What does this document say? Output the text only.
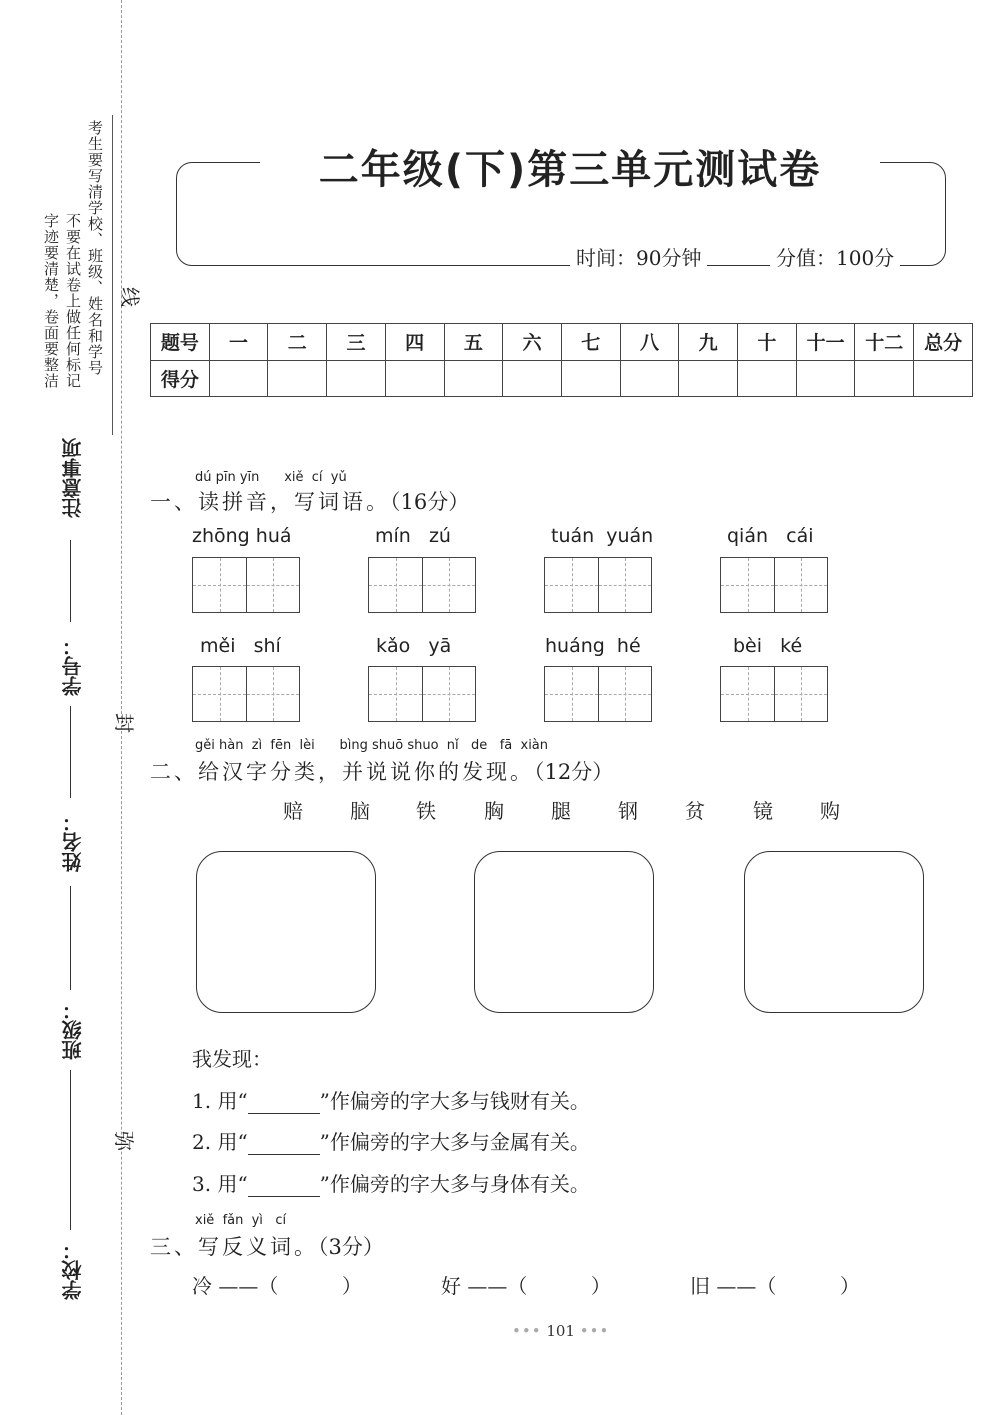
考生要写清学校、班级、姓名和学号
不要在试卷上做任何标记
字迹要清楚，卷面要整洁
注意事项
学号：
姓名：
班级：
学校：
线
封
弥
二年级(下)第三单元测试卷
时间：90分钟	分值：100分
题号	一	二	三	四	五	六	七	八	九	十	十一	十二	总分
得分													
dú pīn yīn      xiě  cí  yǔ
一、读拼音，写词语。（16分）
zhōng huá	mín   zú	tuán  yuán	qián   cái
měi   shí	kǎo   yā	huáng  hé	bèi   ké
gěi hàn  zì  fēn  lèi      bìng shuō shuo  nǐ   de   fā  xiàn
二、给汉字分类，并说说你的发现。（12分）
赔 脑 铁 胸 腿 钢 贫 镜 购
我发现：
1. 用“	”作偏旁的字大多与钱财有关。
2. 用“	”作偏旁的字大多与金属有关。
3. 用“	”作偏旁的字大多与身体有关。
xiě  fǎn  yì   cí
三、写反义词。（3分）
冷 ——（          ）	好 ——（          ）	旧 ——（          ）
••• 101 •••
